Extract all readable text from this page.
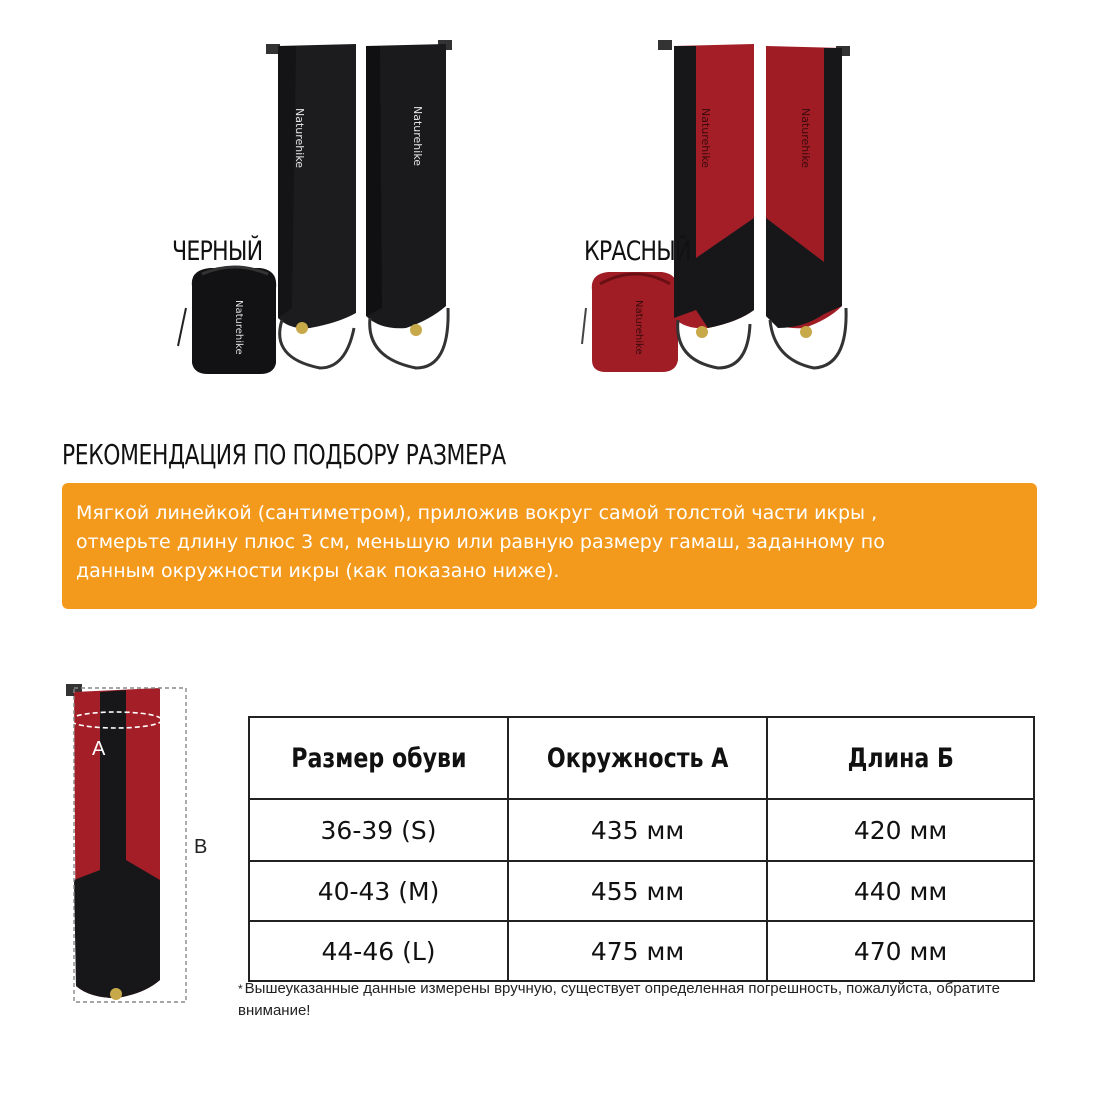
Naturehike
Naturehike	Naturehike
ЧЕРНЫЙ
Naturehike
Naturehike	Naturehike
КРАСНЫЙ
РЕКОМЕНДАЦИЯ ПО ПОДБОРУ РАЗМЕРА

Мягкой линейкой (сантиметром), приложив вокруг самой толстой части икры ,
отмерьте длину плюс 3 см, меньшую или равную размеру гамаш, заданному по
данным окружности икры (как показано ниже).

A
B
Размер обуви	Окружность А	Длина Б
36-39 (S)	435 мм	420 мм
40-43 (M)	455 мм	440 мм
44-46 (L)	475 мм	470 мм
* Вышеуказанные данные измерены вручную, существует определенная погрешность, пожалуйста, обратите внимание!
